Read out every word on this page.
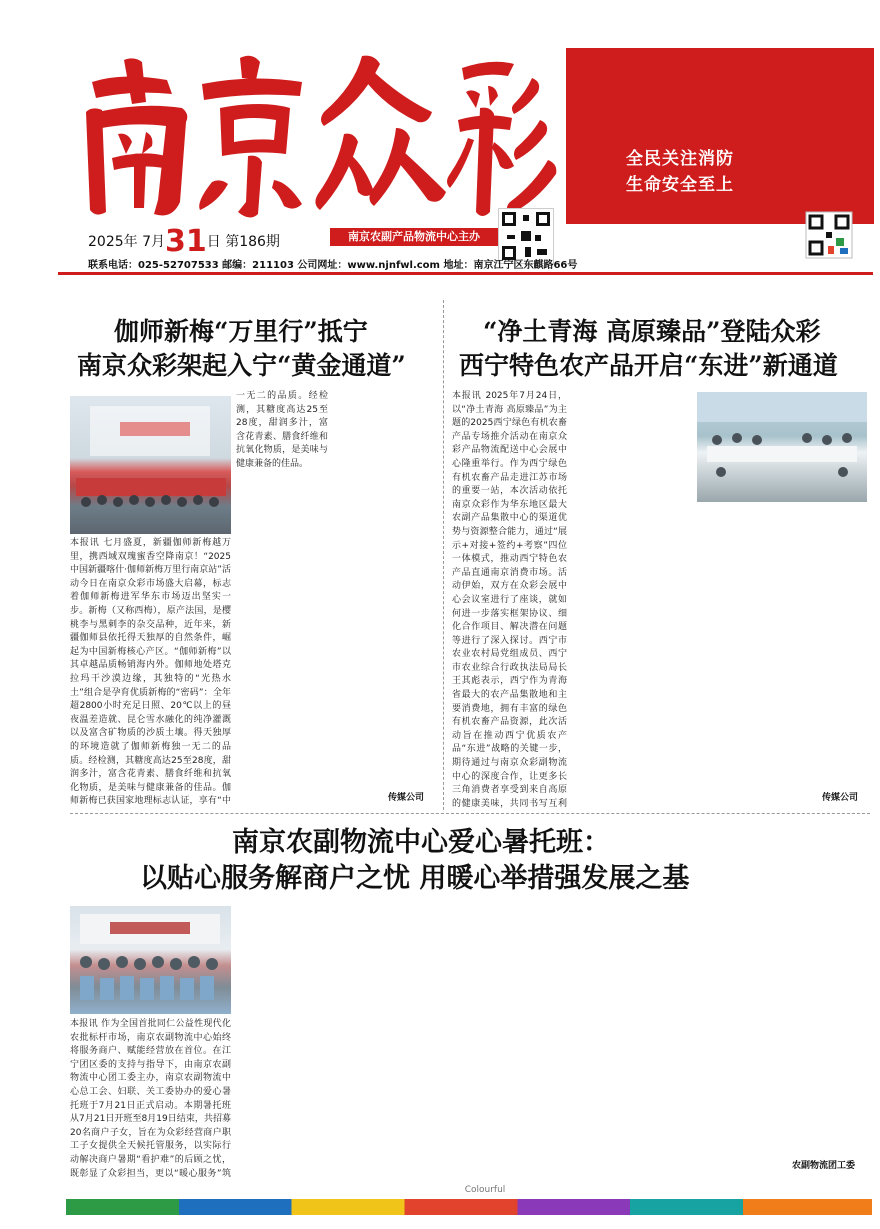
全民关注消防
生命安全至上
2025年 7月31日 第186期	南京农副产品物流中心主办
联系电话：025-52707533 邮编：211103 公司网址：www.njnfwl.com 地址：南京江宁区东麒路66号
伽师新梅“万里行”抵宁
南京众彩架起入宁“黄金通道”
本报讯 七月盛夏，新疆伽师新梅越万里，携西域双瑰蜜香空降南京！“2025中国新疆喀什·伽师新梅万里行南京站”活动今日在南京众彩市场盛大启幕，标志着伽师新梅进军华东市场迈出坚实一步。新梅（又称西梅），原产法国，是樱桃李与黑刺李的杂交品种，近年来，新疆伽师县依托得天独厚的自然条件，崛起为中国新梅核心产区。“伽师新梅”以其卓越品质畅销海内外。伽师地处塔克拉玛干沙漠边缘，其独特的“光热水土”组合是孕育优质新梅的“密码”：全年超2800小时充足日照、20℃以上的昼夜温差造就、昆仑雪水融化的纯净灌溉以及富含矿物质的沙质土壤。得天独厚的环境造就了伽师新梅独一无二的品质。经检测，其糖度高达25至28度，甜润多汁，富含花青素、膳食纤维和抗氧化物质，是美味与健康兼备的佳品。伽师新梅已获国家地理标志认证，享有“中
一无二的品质。经检测，其糖度高达25至28度，甜润多汁，富含花青素、膳食纤维和抗氧化物质，是美味与健康兼备的佳品。
传媒公司
“净土青海 高原臻品”登陆众彩
西宁特色农产品开启“东进”新通道
本报讯 2025年7月24日，以“净土青海 高原臻品”为主题的2025西宁绿色有机农畜产品专场推介活动在南京众彩产品物流配送中心会展中心隆重举行。作为西宁绿色有机农畜产品走进江苏市场的重要一站，本次活动依托南京众彩作为华东地区最大农副产品集散中心的渠道优势与资源整合能力，通过“展示+对接+签约+考察”四位一体模式，推动西宁特色农产品直通南京消费市场。活动伊始，双方在众彩会展中心会议室进行了座谈，就如何进一步落实框架协议、细化合作项目、解决潜在问题等进行了深入探讨。西宁市农业农村局党组成员、西宁市农业综合行政执法局局长王其彪表示，西宁作为青海省最大的农产品集散地和主要消费地，拥有丰富的绿色有机农畜产品资源，此次活动旨在推动西宁优质农产品“东进”战略的关键一步，期待通过与南京众彩副物流中心的深度合作，让更多长三角消费者享受到来自高原的健康美味，共同书写互利
传媒公司
南京农副物流中心爱心暑托班：
以贴心服务解商户之忧 用暖心举措强发展之基
本报讯 作为全国首批同仁公益性现代化农批标杆市场，南京农副物流中心始终将服务商户、赋能经营放在首位。在江宁团区委的支持与指导下，由南京农副物流中心团工委主办，南京农副物流中心总工会、妇联、关工委协办的爱心暑托班于7月21日正式启动。本期暑托班从7月21日开班至8月19日结束，共招募20名商户子女，旨在为众彩经营商户职工子女提供全天候托管服务，以实际行动解决商户暑期“看护难”的后顾之忧，既彰显了众彩担当，更以“暖心服务”筑
农副物流团工委
Colourful
